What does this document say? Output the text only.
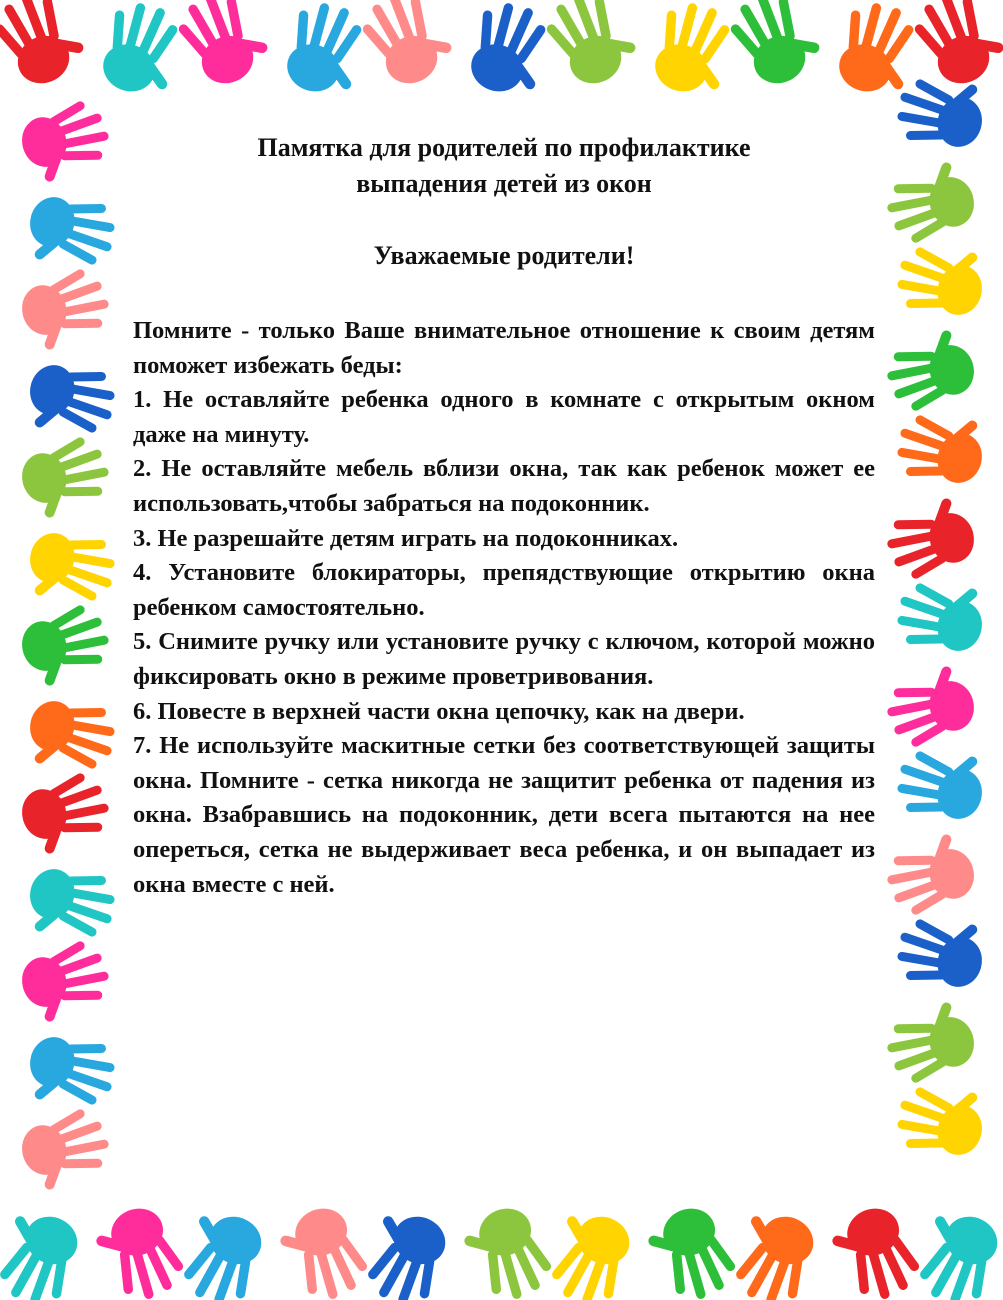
Памятка для родителей по профилактике
выпадения детей из окон

Уважаемые родители!

Помните - только Ваше внимательное отношение к своим детям поможет избежать беды:

1. Не оставляйте ребенка одного в комнате с открытым окном даже на минуту.

2. Не оставляйте мебель вблизи окна, так как ребенок может ее использовать,чтобы забраться на подоконник.

3. Не разрешайте детям играть на подоконниках.

4. Установите блокираторы, препядствующие открытию окна ребенком самостоятельно.

5. Снимите ручку или установите ручку с ключом, которой можно фиксировать окно в режиме проветривования.

6. Повесте в верхней части окна цепочку, как на двери.

7. Не используйте маскитные сетки без соответствующей защиты окна. Помните - сетка никогда не защитит ребенка от падения из окна. Взабравшись на подоконник, дети всега пытаются на нее опереться, сетка не выдерживает веса ребенка, и он выпадает из окна вместе с ней.
